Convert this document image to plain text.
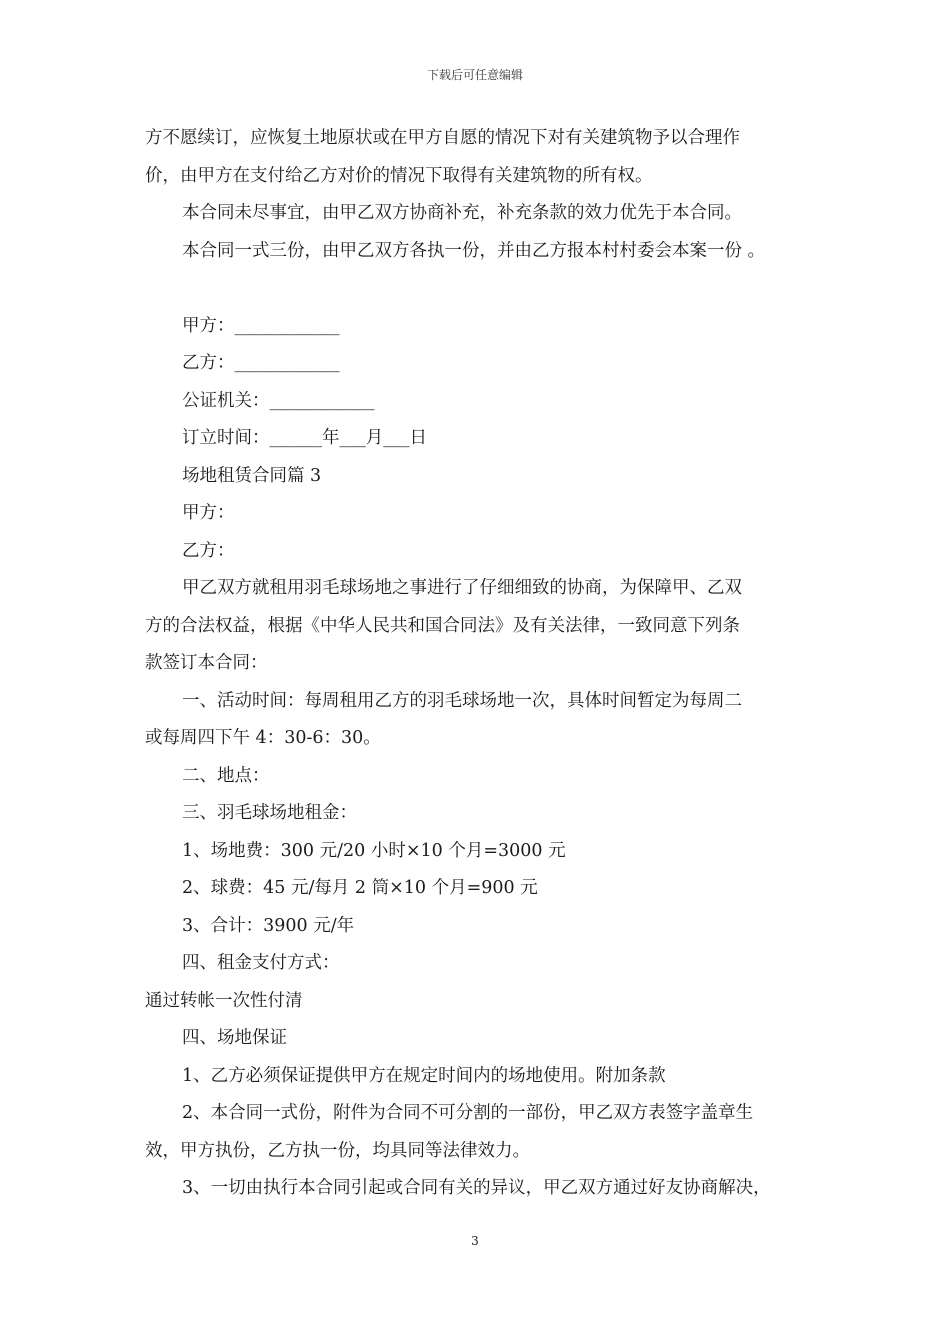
下载后可任意编辑
方不愿续订，应恢复土地原状或在甲方自愿的情况下对有关建筑物予以合理作
价，由甲方在支付给乙方对价的情况下取得有关建筑物的所有权。
本合同未尽事宜，由甲乙双方协商补充，补充条款的效力优先于本合同。
本合同一式三份，由甲乙双方各执一份，并由乙方报本村村委会本案一份 。
甲方：____________
乙方：____________
公证机关：____________
订立时间：______年___月___日
场地租赁合同篇 3
甲方：
乙方：
甲乙双方就租用羽毛球场地之事进行了仔细细致的协商，为保障甲、乙双
方的合法权益，根据《中华人民共和国合同法》及有关法律，一致同意下列条
款签订本合同：
一、活动时间：每周租用乙方的羽毛球场地一次，具体时间暂定为每周二
或每周四下午 4：30-6：30。
二、地点：
三、羽毛球场地租金：
1、场地费：300 元/20 小时×10 个月=3000 元
2、球费：45 元/每月 2 筒×10 个月=900 元
3、合计：3900 元/年
四、租金支付方式：
通过转帐一次性付清
四、场地保证
1、乙方必须保证提供甲方在规定时间内的场地使用。附加条款
2、本合同一式份，附件为合同不可分割的一部份，甲乙双方表签字盖章生
效，甲方执份，乙方执一份，均具同等法律效力。
3、一切由执行本合同引起或合同有关的异议，甲乙双方通过好友协商解决，
3
